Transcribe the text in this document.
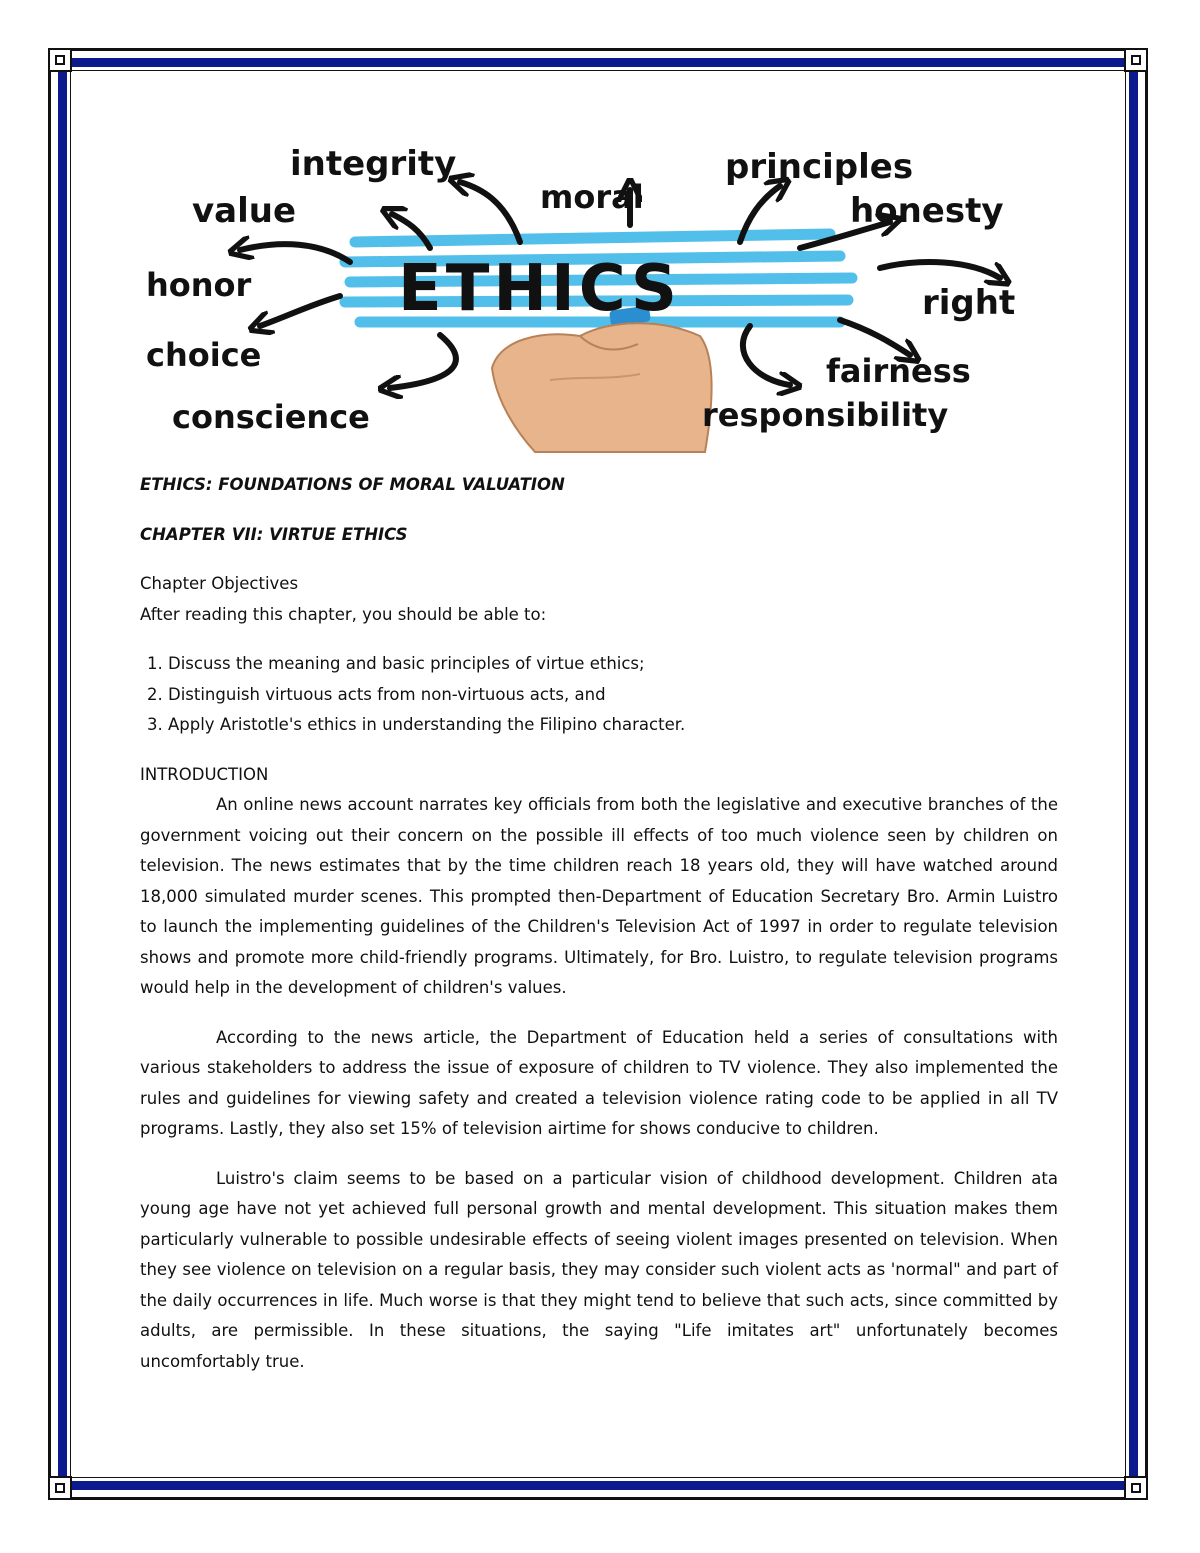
integrity
moral
principles
value	honesty
honor	right
choice	fairness
conscience	responsibility
ETHICS

ETHICS: FOUNDATIONS OF MORAL VALUATION

CHAPTER VII: VIRTUE ETHICS

Chapter Objectives

After reading this chapter, you should be able to:

1. Discuss the meaning and basic principles of virtue ethics;
2. Distinguish virtuous acts from non-virtuous acts, and
3. Apply Aristotle's ethics in understanding the Filipino character.

INTRODUCTION

An online news account narrates key officials from both the legislative and executive branches of the government voicing out their concern on the possible ill effects of too much violence seen by children on television. The news estimates that by the time children reach 18 years old, they will have watched around 18,000 simulated murder scenes. This prompted then-Department of Education Secretary Bro. Armin Luistro to launch the implementing guidelines of the Children's Television Act of 1997 in order to regulate television shows and promote more child-friendly programs. Ultimately, for Bro. Luistro, to regulate television programs would help in the development of children's values.

According to the news article, the Department of Education held a series of consultations with various stakeholders to address the issue of exposure of children to TV violence. They also implemented the rules and guidelines for viewing safety and created a television violence rating code to be applied in all TV programs. Lastly, they also set 15% of television airtime for shows conducive to children.

Luistro's claim seems to be based on a particular vision of childhood development. Children ata young age have not yet achieved full personal growth and mental development. This situation makes them particularly vulnerable to possible undesirable effects of seeing violent images presented on television. When they see violence on television on a regular basis, they may consider such violent acts as 'normal" and part of the daily occurrences in life. Much worse is that they might tend to believe that such acts, since committed by adults, are permissible. In these situations, the saying "Life imitates art" unfortunately becomes uncomfortably true.
